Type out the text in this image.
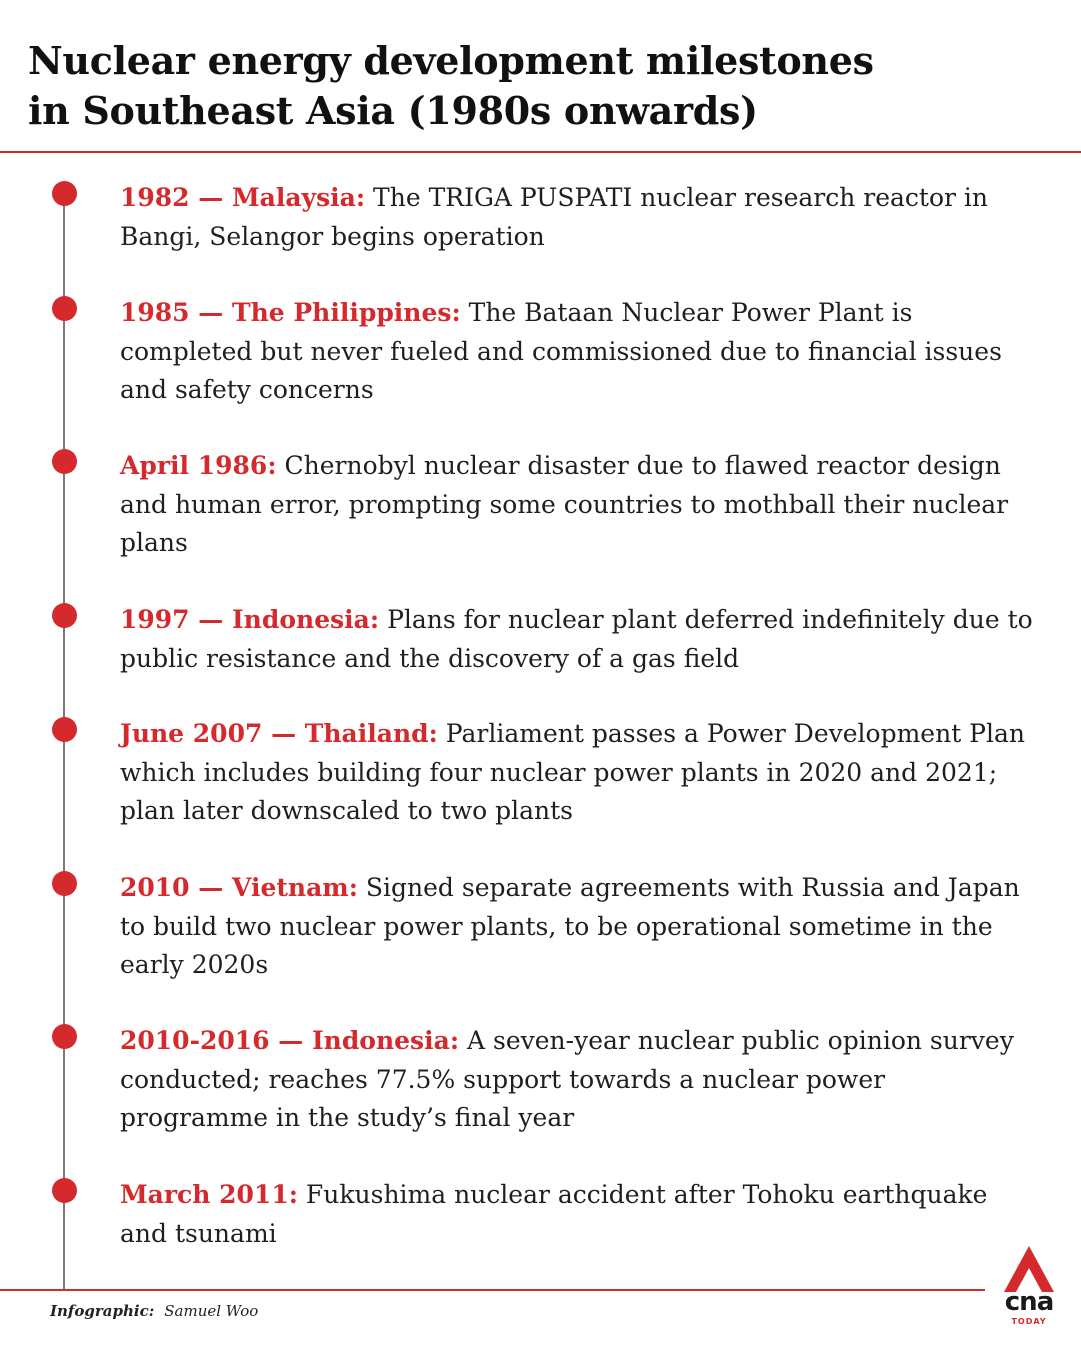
Nuclear energy development milestones
in Southeast Asia (1980s onwards)

1982 — Malaysia: The TRIGA PUSPATI nuclear research reactor in Bangi, Selangor begins operation

1985 — The Philippines: The Bataan Nuclear Power Plant is completed but never fueled and commissioned due to financial issues and safety concerns

April 1986: Chernobyl nuclear disaster due to flawed reactor design and human error, prompting some countries to mothball their nuclear plans

1997 — Indonesia: Plans for nuclear plant deferred indefinitely due to public resistance and the discovery of a gas field

June 2007 — Thailand: Parliament passes a Power Development Plan which includes building four nuclear power plants in 2020 and 2021; plan later downscaled to two plants

2010 — Vietnam: Signed separate agreements with Russia and Japan to build two nuclear power plants, to be operational sometime in the early 2020s

2010-2016 — Indonesia: A seven-year nuclear public opinion survey conducted; reaches 77.5% support towards a nuclear power programme in the study’s final year

March 2011: Fukushima nuclear accident after Tohoku earthquake and tsunami

Infographic: Samuel Woo	cna
TODAY
